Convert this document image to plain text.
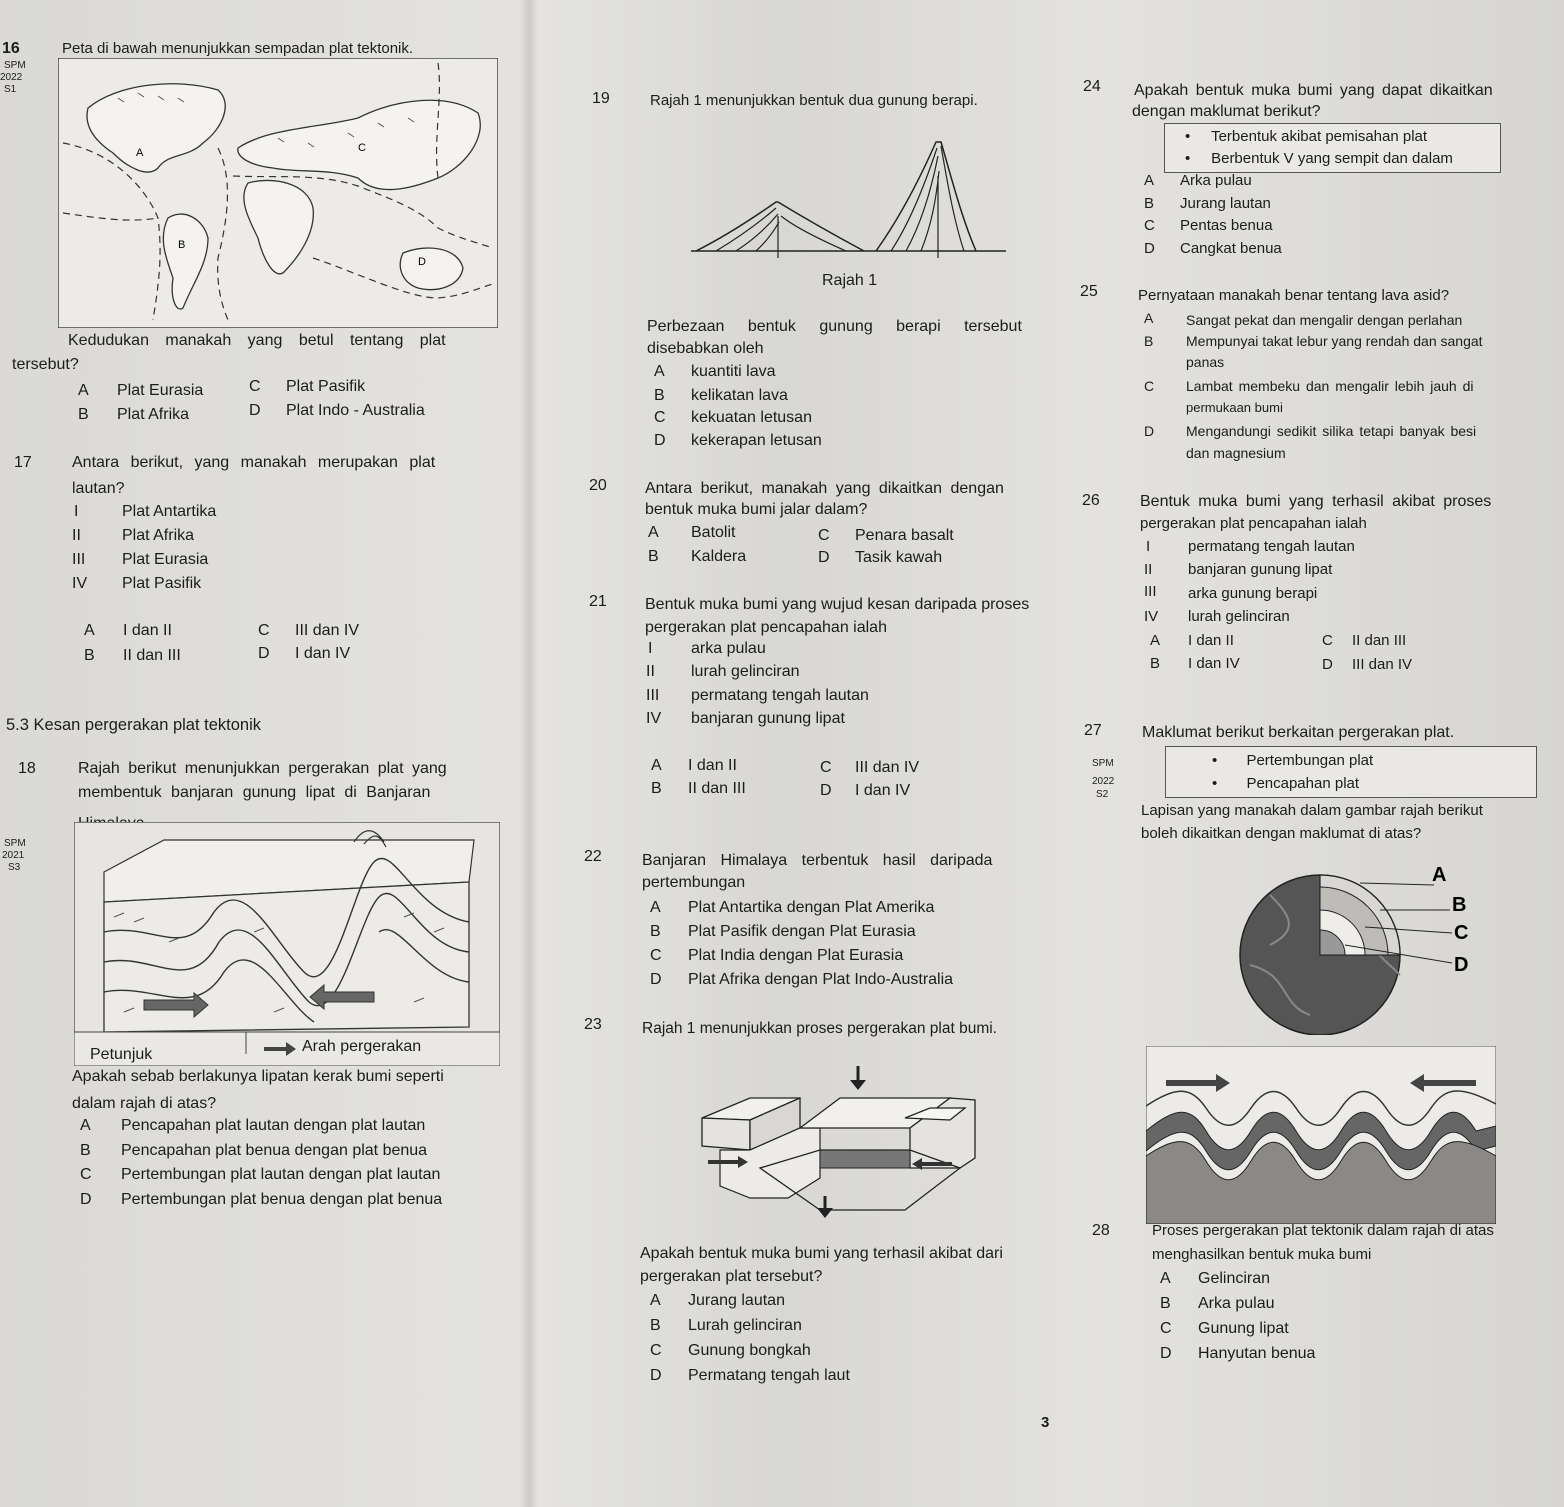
16
SPM
2022
S1
Peta di bawah menunjukkan sempadan plat tektonik.
A
B
C
D
Kedudukan manakah yang betul tentang plat
tersebut?
A Plat Eurasia
B Plat Afrika
C Plat Pasifik
D Plat Indo - Australia
17	Antara berikut, yang manakah merupakan plat
lautan?
I	Plat Antartika
II	Plat Afrika
III Plat Eurasia
IV Plat Pasifik
A I dan II
B II dan III
C III dan IV
D I dan IV
5.3 Kesan pergerakan plat tektonik
18	Rajah berikut menunjukkan pergerakan plat yang
membentuk banjaran gunung lipat di Banjaran
SPM
2021
S3
Petunjuk	Arah pergerakan
Apakah sebab berlakunya lipatan kerak bumi seperti
dalam rajah di atas?
A Pencapahan plat lautan dengan plat lautan
B Pencapahan plat benua dengan plat benua
C Pertembungan plat lautan dengan plat lautan
D Pertembungan plat benua dengan plat benua
19	Rajah 1 menunjukkan bentuk dua gunung berapi.
Rajah 1
Perbezaan bentuk gunung berapi tersebut
disebabkan oleh
A kuantiti lava
B kelikatan lava
C kekuatan letusan
D kekerapan letusan
20 Antara berikut, manakah yang dikaitkan dengan
bentuk muka bumi jalar dalam?
A Batolit
B Kaldera
C Penara basalt
D Tasik kawah
21 Bentuk muka bumi yang wujud kesan daripada proses
pergerakan plat pencapahan ialah
I arka pulau
II lurah gelinciran
III permatang tengah lautan
IV banjaran gunung lipat
A I dan II
B II dan III
C III dan IV
D I dan IV
22	Banjaran Himalaya terbentuk hasil daripada
pertembungan
A Plat Antartika dengan Plat Amerika
B Plat Pasifik dengan Plat Eurasia
C Plat India dengan Plat Eurasia
D Plat Afrika dengan Plat Indo-Australia
23	Rajah 1 menunjukkan proses pergerakan plat bumi.
Apakah bentuk muka bumi yang terhasil akibat dari
pergerakan plat tersebut?
A Jurang lautan
B Lurah gelinciran
C Gunung bongkah
D Permatang tengah laut
24 Apakah bentuk muka bumi yang dapat dikaitkan
dengan maklumat berikut?
•     Terbentuk akibat pemisahan plat
•     Berbentuk V yang sempit dan dalam
A Arka pulau
B Jurang lautan
C Pentas benua
D Cangkat benua
25	Pernyataan manakah benar tentang lava asid?
A Sangat pekat dan mengalir dengan perlahan
B Mempunyai takat lebur yang rendah dan sangat
panas
C Lambat membeku dan mengalir lebih jauh di
permukaan bumi
D Mengandungi sedikit silika tetapi banyak besi
dan magnesium
26	Bentuk muka bumi yang terhasil akibat proses
pergerakan plat pencapahan ialah
I	permatang tengah lautan
II banjaran gunung lipat
III arka gunung berapi
IV lurah gelinciran
A I dan II
B I dan IV
C II dan III
D III dan IV
27	Maklumat berikut berkaitan pergerakan plat.
SPM
2022
S2
•       Pertembungan plat
•       Pencapahan plat
Lapisan yang manakah dalam gambar rajah berikut
boleh dikaitkan dengan maklumat di atas?
A
B
C
D
28	Proses pergerakan plat tektonik dalam rajah di atas
menghasilkan bentuk muka bumi
A Gelinciran
B Arka pulau
C Gunung lipat
D Hanyutan benua
3
